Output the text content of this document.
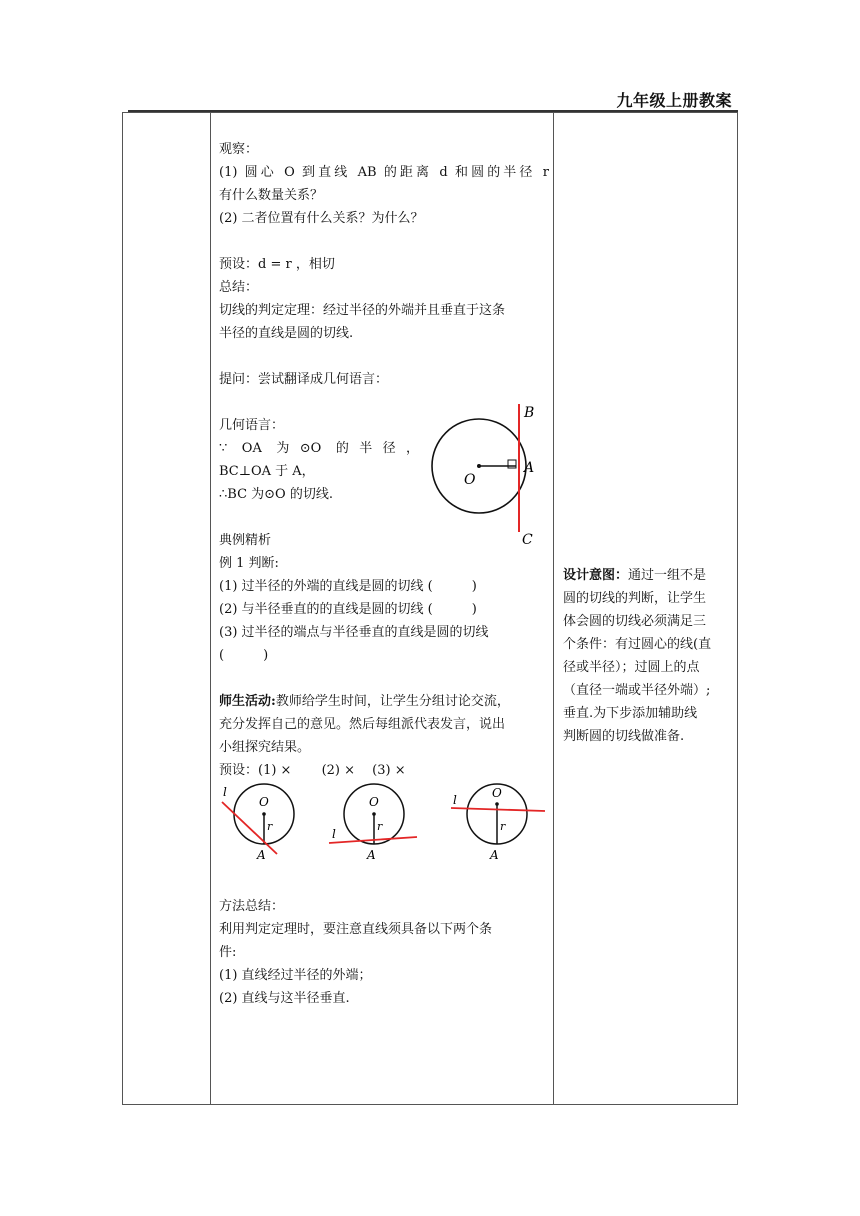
九年级上册教案

观察：

(1) 圆心 O 到直线 AB 的距离 d 和圆的半径 r

有什么数量关系？

(2) 二者位置有什么关系？为什么？

预设：d = r ，相切

总结：

切线的判定定理：经过半径的外端并且垂直于这条

半径的直线是圆的切线.

提问：尝试翻译成几何语言：

几何语言：

∵ OA 为⊙O 的半径，

BC⊥OA 于 A，

∴BC 为⊙O 的切线.

O
A
B
C

典例精析

例 1 判断:

(1) 过半径的外端的直线是圆的切线 (　　　)

(2) 与半径垂直的的直线是圆的切线 (　　　)

(3) 过半径的端点与半径垂直的直线是圆的切线

(　　　)

师生活动:教师给学生时间，让学生分组讨论交流，

充分发挥自己的意见。然后每组派代表发言，说出

小组探究结果。

预设：(1) ×　　 (2) ×　 (3) ×

l
O
r
A
l
O
r
A
l	O
r
A

方法总结：

利用判定定理时，要注意直线须具备以下两个条

件:

(1) 直线经过半径的外端；

(2) 直线与这半径垂直.

设计意图：通过一组不是

圆的切线的判断，让学生

体会圆的切线必须满足三

个条件：有过圆心的线(直

径或半径）；过圆上的点

（直径一端或半径外端）;

垂直.为下步添加辅助线

判断圆的切线做准备.
